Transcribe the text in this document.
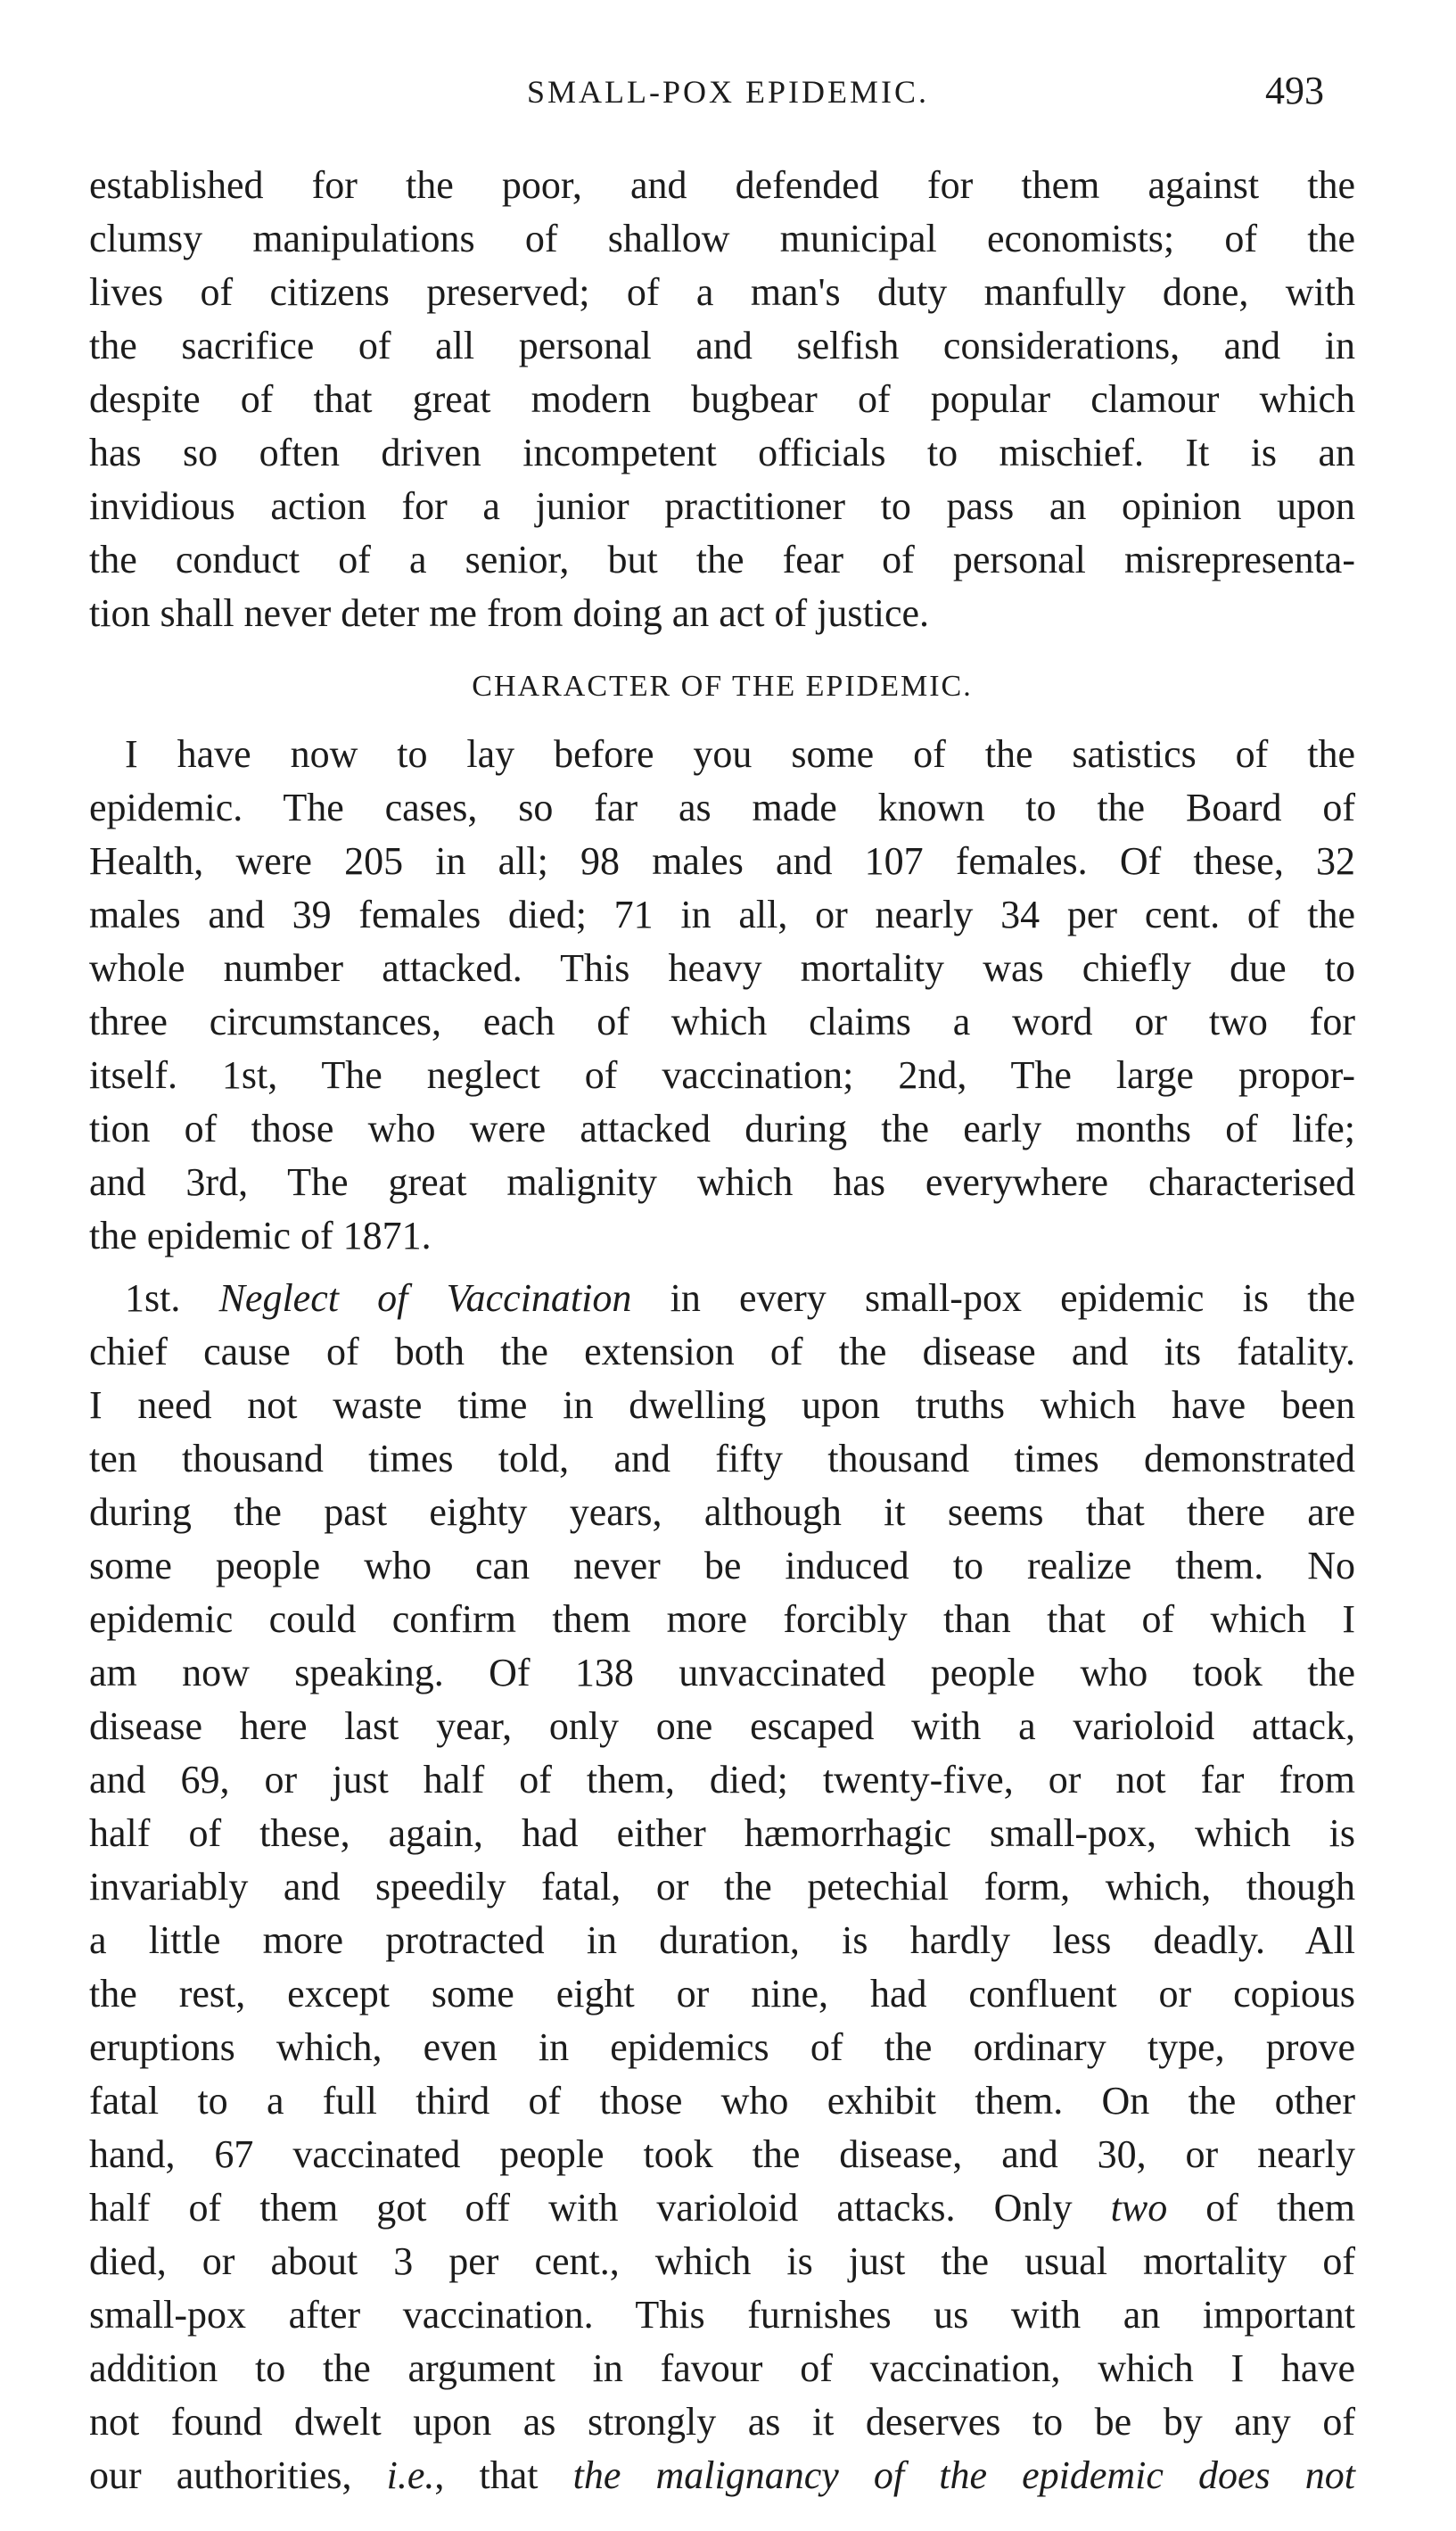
SMALL-POX EPIDEMIC.	493
established for the poor, and defended for them against the
clumsy manipulations of shallow municipal economists; of the
lives of citizens preserved; of a man's duty manfully done, with
the sacrifice of all personal and selfish considerations, and in
despite of that great modern bugbear of popular clamour which
has so often driven incompetent officials to mischief. It is an
invidious action for a junior practitioner to pass an opinion upon
the conduct of a senior, but the fear of personal misrepresenta-
tion shall never deter me from doing an act of justice.
CHARACTER OF THE EPIDEMIC.
I have now to lay before you some of the satistics of the
epidemic. The cases, so far as made known to the Board of
Health, were 205 in all; 98 males and 107 females. Of these, 32
males and 39 females died; 71 in all, or nearly 34 per cent. of the
whole number attacked. This heavy mortality was chiefly due to
three circumstances, each of which claims a word or two for
itself. 1st, The neglect of vaccination; 2nd, The large propor-
tion of those who were attacked during the early months of life;
and 3rd, The great malignity which has everywhere characterised
the epidemic of 1871.
1st. Neglect of Vaccination in every small-pox epidemic is the
chief cause of both the extension of the disease and its fatality.
I need not waste time in dwelling upon truths which have been
ten thousand times told, and fifty thousand times demonstrated
during the past eighty years, although it seems that there are
some people who can never be induced to realize them. No
epidemic could confirm them more forcibly than that of which I
am now speaking. Of 138 unvaccinated people who took the
disease here last year, only one escaped with a varioloid attack,
and 69, or just half of them, died; twenty-five, or not far from
half of these, again, had either hæmorrhagic small-pox, which is
invariably and speedily fatal, or the petechial form, which, though
a little more protracted in duration, is hardly less deadly. All
the rest, except some eight or nine, had confluent or copious
eruptions which, even in epidemics of the ordinary type, prove
fatal to a full third of those who exhibit them. On the other
hand, 67 vaccinated people took the disease, and 30, or nearly
half of them got off with varioloid attacks. Only two of them
died, or about 3 per cent., which is just the usual mortality of
small-pox after vaccination. This furnishes us with an important
addition to the argument in favour of vaccination, which I have
not found dwelt upon as strongly as it deserves to be by any of
our authorities, i.e., that the malignancy of the epidemic does not
